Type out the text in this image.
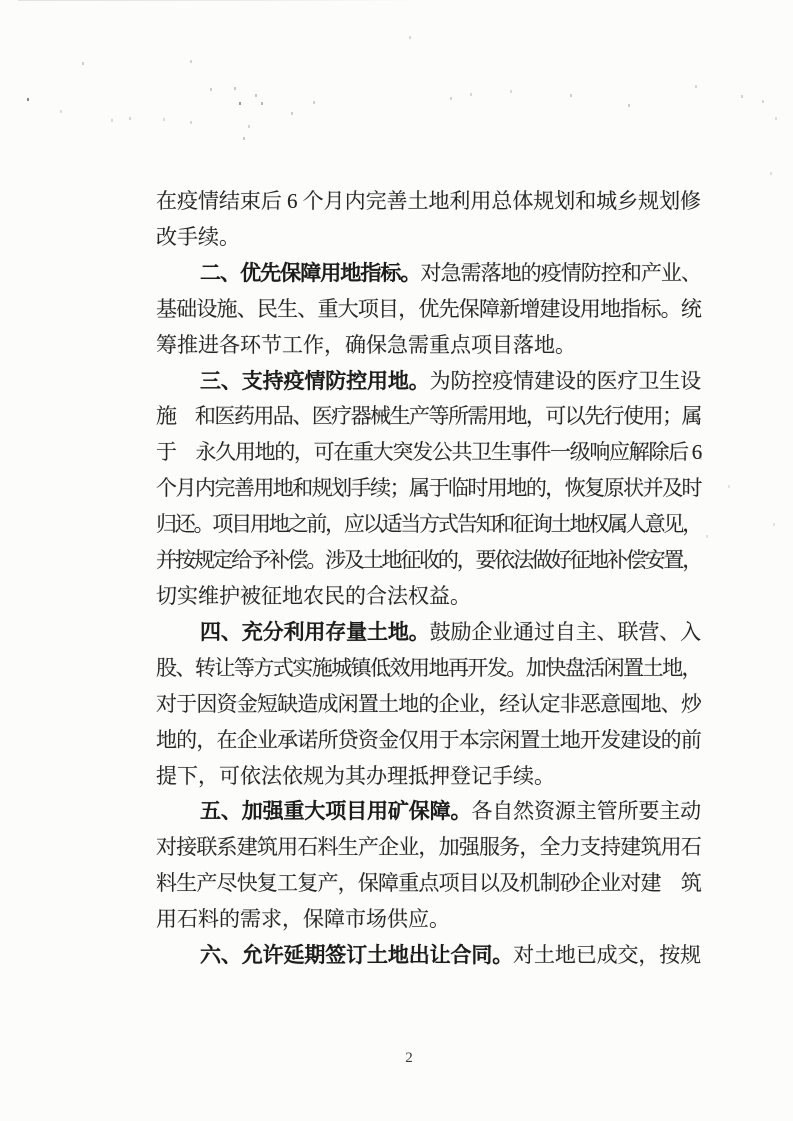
在疫情结束后 6 个月内完善土地利用总体规划和城乡规划修
改手续。
二、优先保障用地指标。对急需落地的疫情防控和产业、
基础设施、民生、重大项目，优先保障新增建设用地指标。统
筹推进各环节工作，确保急需重点项目落地。
三、支持疫情防控用地。为防控疫情建设的医疗卫生设
施　和医药用品、医疗器械生产等所需用地，可以先行使用；属
于　永久用地的，可在重大突发公共卫生事件一级响应解除后 6
个月内完善用地和规划手续；属于临时用地的，恢复原状并及时
归还。项目用地之前，应以适当方式告知和征询土地权属人意见，
并按规定给予补偿。涉及土地征收的，要依法做好征地补偿安置，
切实维护被征地农民的合法权益。
四、充分利用存量土地。鼓励企业通过自主、联营、入
股、转让等方式实施城镇低效用地再开发。加快盘活闲置土地，
对于因资金短缺造成闲置土地的企业，经认定非恶意囤地、炒
地的，在企业承诺所贷资金仅用于本宗闲置土地开发建设的前
提下，可依法依规为其办理抵押登记手续。
五、加强重大项目用矿保障。各自然资源主管所要主动
对接联系建筑用石料生产企业，加强服务，全力支持建筑用石
料生产尽快复工复产，保障重点项目以及机制砂企业对建　筑
用石料的需求，保障市场供应。
六、允许延期签订土地出让合同。对土地已成交，按规
2
